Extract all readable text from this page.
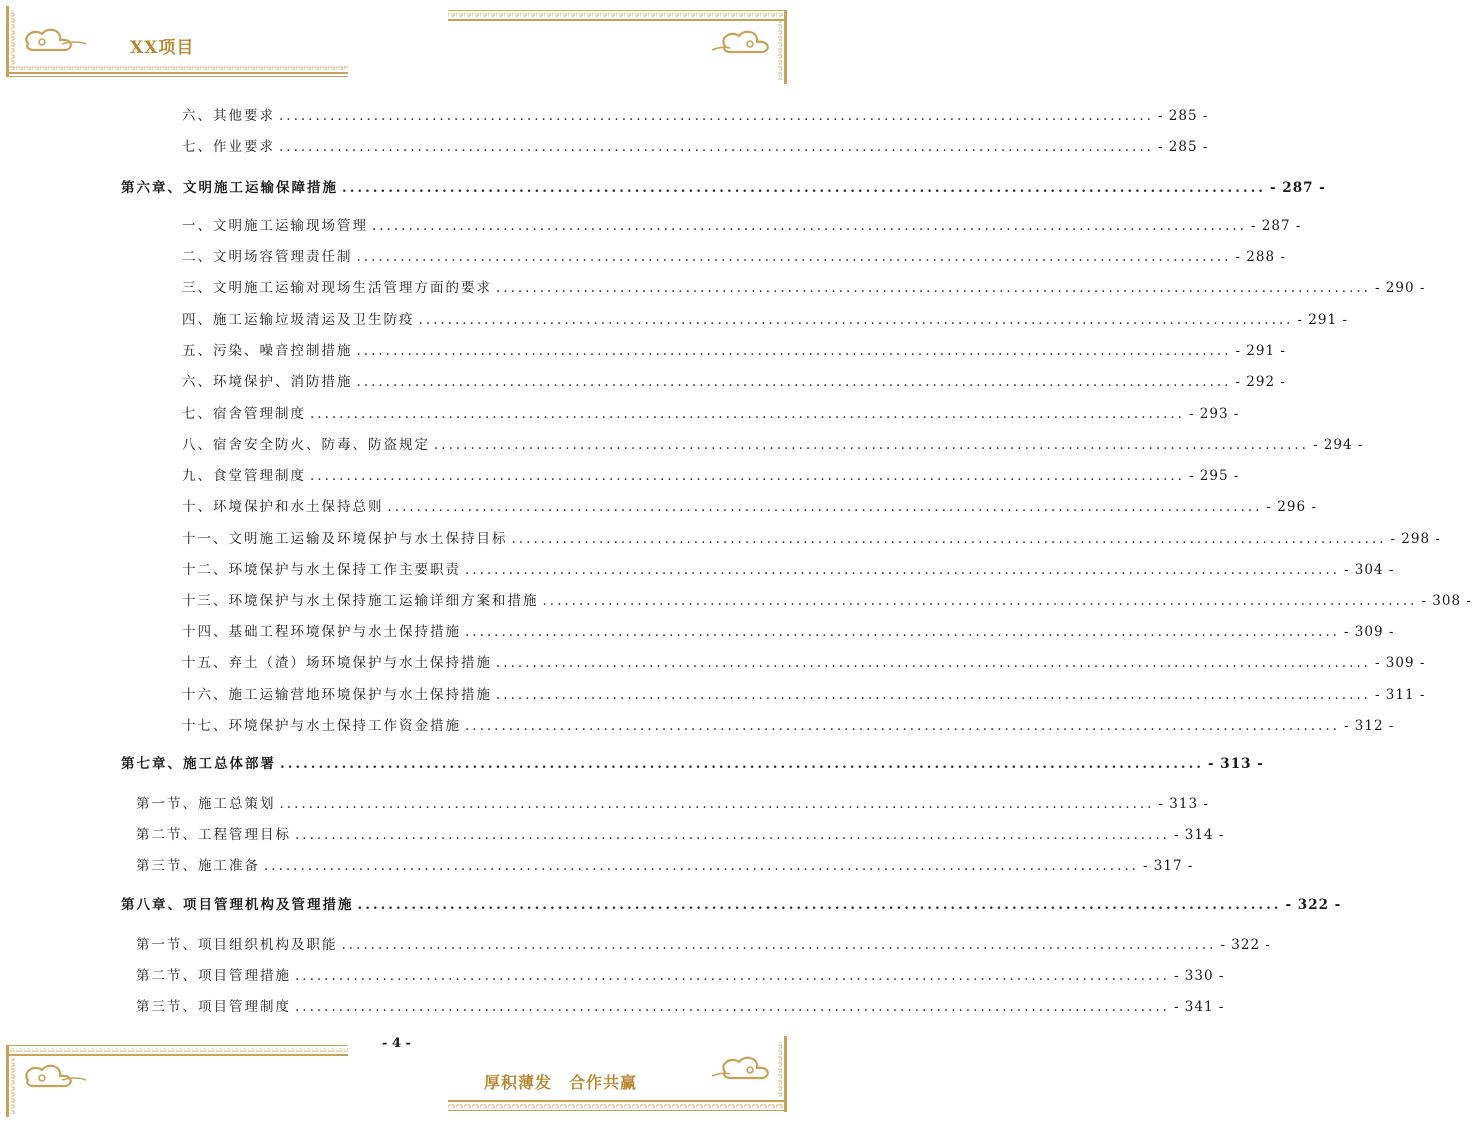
XX项目
六、其他要求 ........................................................................................................................ - 285 -
七、作业要求 ........................................................................................................................ - 285 -
第六章、文明施工运输保障措施 ........................................................................................................................ - 287 -
一、文明施工运输现场管理 ........................................................................................................................ - 287 -
二、文明场容管理责任制 ........................................................................................................................ - 288 -
三、文明施工运输对现场生活管理方面的要求 ........................................................................................................................ - 290 -
四、施工运输垃圾清运及卫生防疫 ........................................................................................................................ - 291 -
五、污染、噪音控制措施 ........................................................................................................................ - 291 -
六、环境保护、消防措施 ........................................................................................................................ - 292 -
七、宿舍管理制度 ........................................................................................................................ - 293 -
八、宿舍安全防火、防毒、防盗规定 ........................................................................................................................ - 294 -
九、食堂管理制度 ........................................................................................................................ - 295 -
十、环境保护和水土保持总则 ........................................................................................................................ - 296 -
十一、文明施工运输及环境保护与水土保持目标 ........................................................................................................................ - 298 -
十二、环境保护与水土保持工作主要职责 ........................................................................................................................ - 304 -
十三、环境保护与水土保持施工运输详细方案和措施 ........................................................................................................................ - 308 -
十四、基础工程环境保护与水土保持措施 ........................................................................................................................ - 309 -
十五、弃土（渣）场环境保护与水土保持措施 ........................................................................................................................ - 309 -
十六、施工运输营地环境保护与水土保持措施 ........................................................................................................................ - 311 -
十七、环境保护与水土保持工作资金措施 ........................................................................................................................ - 312 -
第七章、施工总体部署 ........................................................................................................................ - 313 -
第一节、施工总策划 ........................................................................................................................ - 313 -
第二节、工程管理目标 ........................................................................................................................ - 314 -
第三节、施工准备 ........................................................................................................................ - 317 -
第八章、项目管理机构及管理措施 ........................................................................................................................ - 322 -
第一节、项目组织机构及职能 ........................................................................................................................ - 322 -
第二节、项目管理措施 ........................................................................................................................ - 330 -
第三节、项目管理制度 ........................................................................................................................ - 341 -
- 4 -
厚积薄发　合作共赢
